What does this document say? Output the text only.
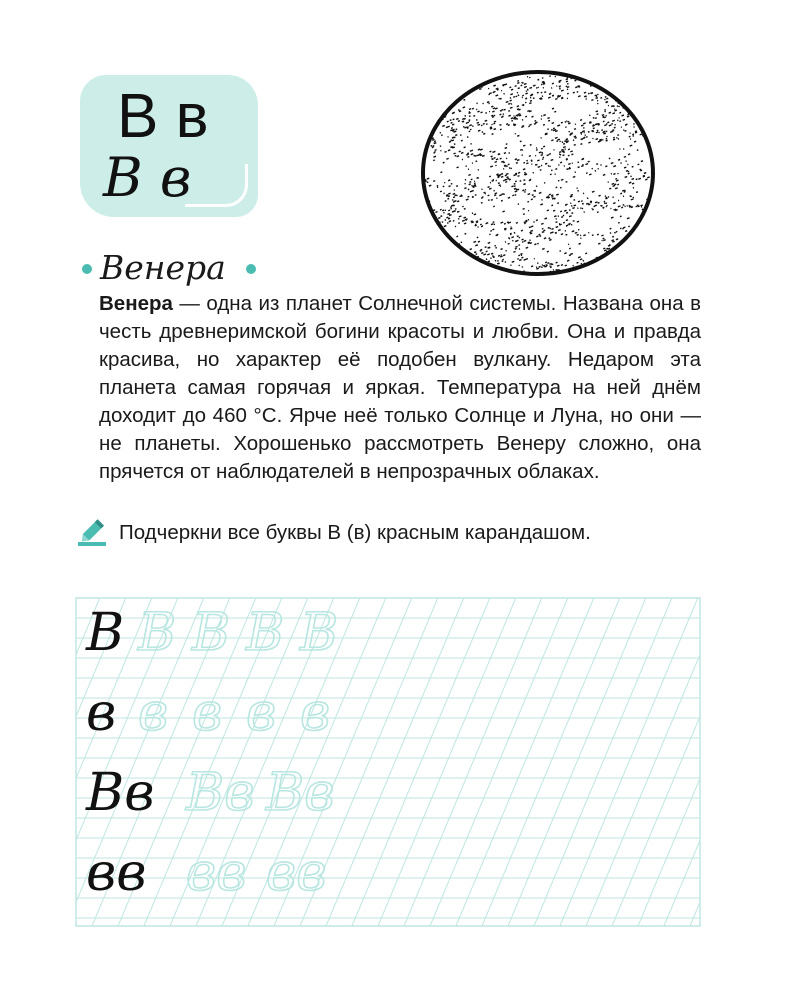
В в
В в
Венера

Венера — одна из планет Солнечной системы. Названа она в честь древнеримской богини красоты и любви. Она и правда красива, но характер её подобен вулкану. Недаром эта планета самая горячая и яркая. Температура на ней днём доходит до 460 °C. Ярче неё только Солнце и Луна, но они — не планеты. Хорошенько рассмотреть Венеру сложно, она прячется от наблюдателей в непрозрачных облаках.

Подчеркни все буквы В (в) красным карандашом.
В В В В В
в в в в в
Вв Вв Вв
вв вв вв
